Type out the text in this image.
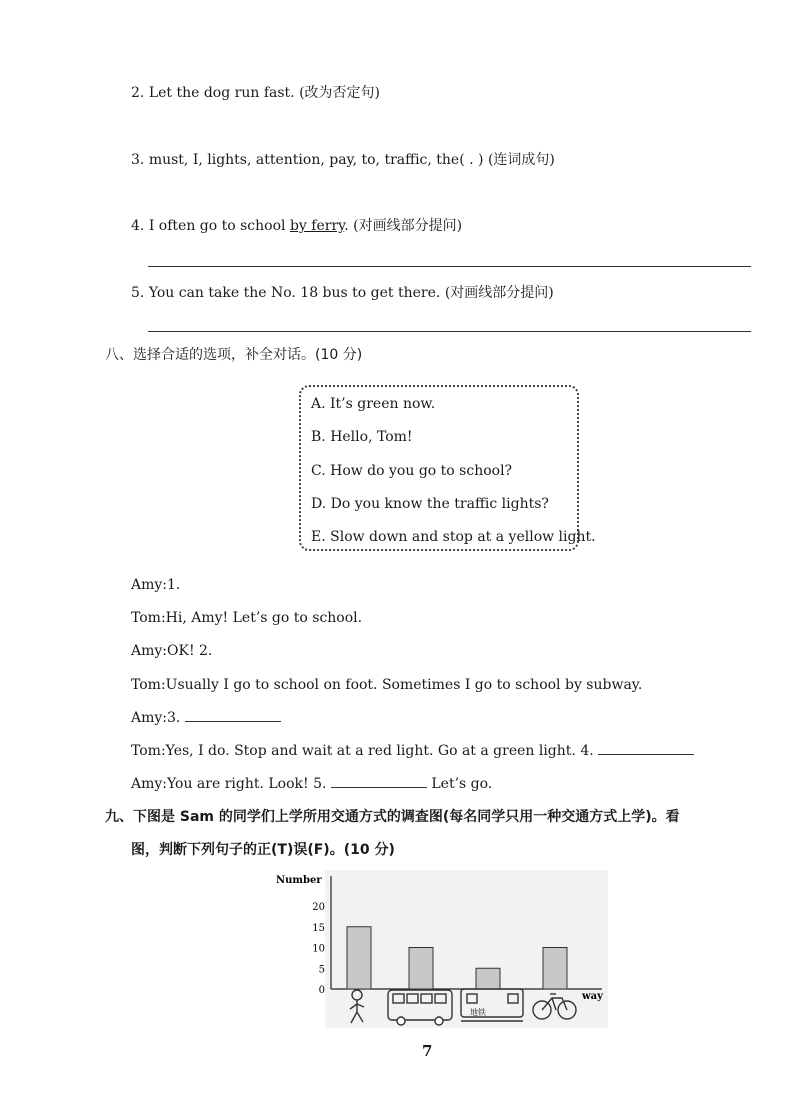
2. Let the dog run fast. (改为否定句)
3. must, I, lights, attention, pay, to, traffic, the( . ) (连词成句)
4. I often go to school by ferry. (对画线部分提问)
5. You can take the No. 18 bus to get there. (对画线部分提问)
八、选择合适的选项，补全对话。(10 分)
A. It’s green now.
B. Hello, Tom!
C. How do you go to school?
D. Do you know the traffic lights?
E. Slow down and stop at a yellow light.
Amy:1.
Tom:Hi, Amy! Let’s go to school.
Amy:OK! 2.
Tom:Usually I go to school on foot. Sometimes I go to school by subway.
Amy:3.
Tom:Yes, I do. Stop and wait at a red light. Go at a green light. 4.
Amy:You are right. Look! 5.	Let’s go.
九、下图是 Sam 的同学们上学所用交通方式的调查图(每名同学只用一种交通方式上学)。看
图，判断下列句子的正(T)误(F)。(10 分)
Number
way
0
5
10
15
20
地铁
7
